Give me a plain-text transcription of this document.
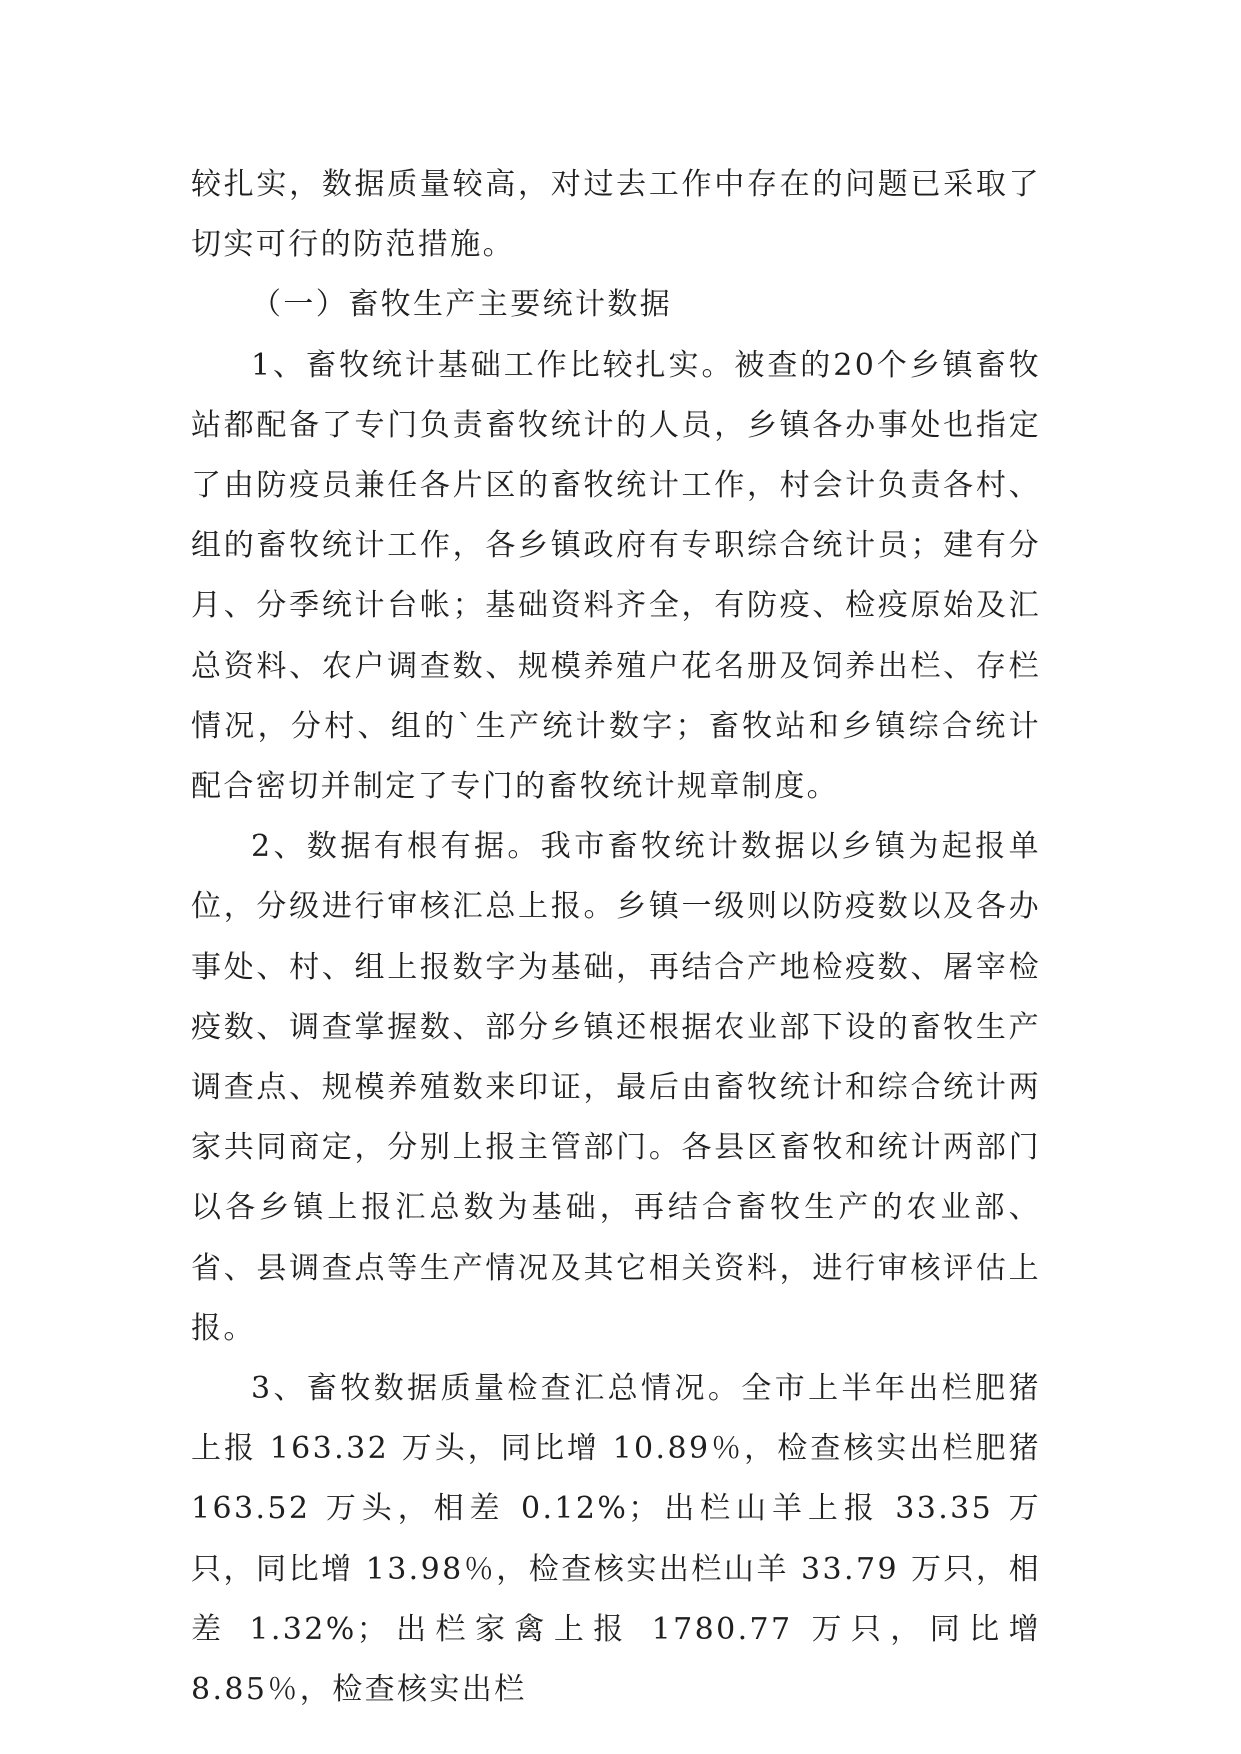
较扎实，数据质量较高，对过去工作中存在的问题已采取了切实可行的防范措施。

（一）畜牧生产主要统计数据

1、畜牧统计基础工作比较扎实。被查的20个乡镇畜牧站都配备了专门负责畜牧统计的人员，乡镇各办事处也指定了由防疫员兼任各片区的畜牧统计工作，村会计负责各村、组的畜牧统计工作，各乡镇政府有专职综合统计员；建有分月、分季统计台帐；基础资料齐全，有防疫、检疫原始及汇总资料、农户调查数、规模养殖户花名册及饲养出栏、存栏情况，分村、组的`生产统计数字；畜牧站和乡镇综合统计配合密切并制定了专门的畜牧统计规章制度。

2、数据有根有据。我市畜牧统计数据以乡镇为起报单位，分级进行审核汇总上报。乡镇一级则以防疫数以及各办事处、村、组上报数字为基础，再结合产地检疫数、屠宰检疫数、调查掌握数、部分乡镇还根据农业部下设的畜牧生产调查点、规模养殖数来印证，最后由畜牧统计和综合统计两家共同商定，分别上报主管部门。各县区畜牧和统计两部门以各乡镇上报汇总数为基础，再结合畜牧生产的农业部、省、县调查点等生产情况及其它相关资料，进行审核评估上报。

3、畜牧数据质量检查汇总情况。全市上半年出栏肥猪上报 163.32 万头，同比增 10.89％，检查核实出栏肥猪 163.52 万头，相差 0.12%；出栏山羊上报 33.35 万只，同比增 13.98％，检查核实出栏山羊 33.79 万只，相差 1.32%；出栏家禽上报 1780.77 万只，同比增 8.85％，检查核实出栏
